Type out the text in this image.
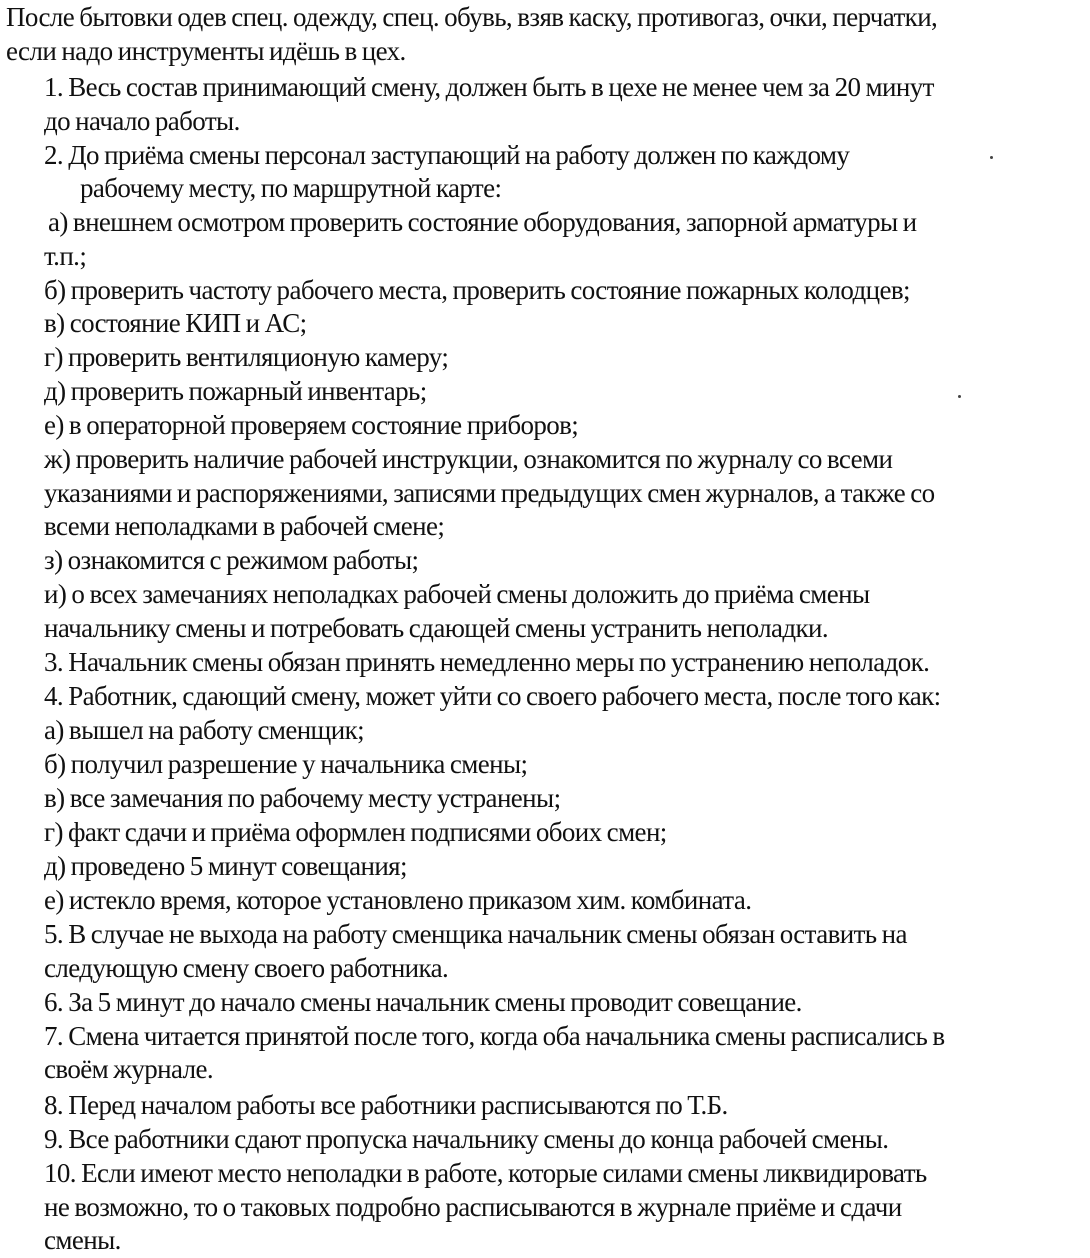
После бытовки одев спец. одежду, спец. обувь, взяв каску, противогаз, очки, перчатки,
если надо инструменты идёшь в цех.
1. Весь состав принимающий смену, должен быть в цехе не менее чем за 20 минут
до начало работы.
2. До приёма смены персонал заступающий на работу должен по каждому
рабочему месту, по маршрутной карте:
а) внешнем осмотром проверить состояние оборудования, запорной арматуры и
т.п.;
б) проверить частоту рабочего места, проверить состояние пожарных колодцев;
в) состояние КИП и АС;
г) проверить вентиляционую камеру;
д) проверить пожарный инвентарь;
е) в операторной проверяем состояние приборов;
ж) проверить наличие рабочей инструкции, ознакомится по журналу со всеми
указаниями и распоряжениями, записями предыдущих смен журналов, а также со
всеми неполадками в рабочей смене;
з) ознакомится с режимом работы;
и) о всех замечаниях неполадках рабочей смены доложить до приёма смены
начальнику смены и потребовать сдающей смены устранить неполадки.
3. Начальник смены обязан принять немедленно меры по устранению неполадок.
4. Работник, сдающий смену, может уйти со своего рабочего места, после того как:
а) вышел на работу сменщик;
б) получил разрешение у начальника смены;
в) все замечания по рабочему месту устранены;
г) факт сдачи и приёма оформлен подписями обоих смен;
д) проведено 5 минут совещания;
е) истекло время, которое установлено приказом хим. комбината.
5. В случае не выхода на работу сменщика начальник смены обязан оставить на
следующую смену своего работника.
6. За 5 минут до начало смены начальник смены проводит совещание.
7. Смена читается принятой после того, когда оба начальника смены расписались в
своём журнале.
8. Перед началом работы все работники расписываются по Т.Б.
9. Все работники сдают пропуска начальнику смены до конца рабочей смены.
10. Если имеют место неполадки в работе, которые силами смены ликвидировать
не возможно, то о таковых подробно расписываются в журнале приёме и сдачи
смены.
